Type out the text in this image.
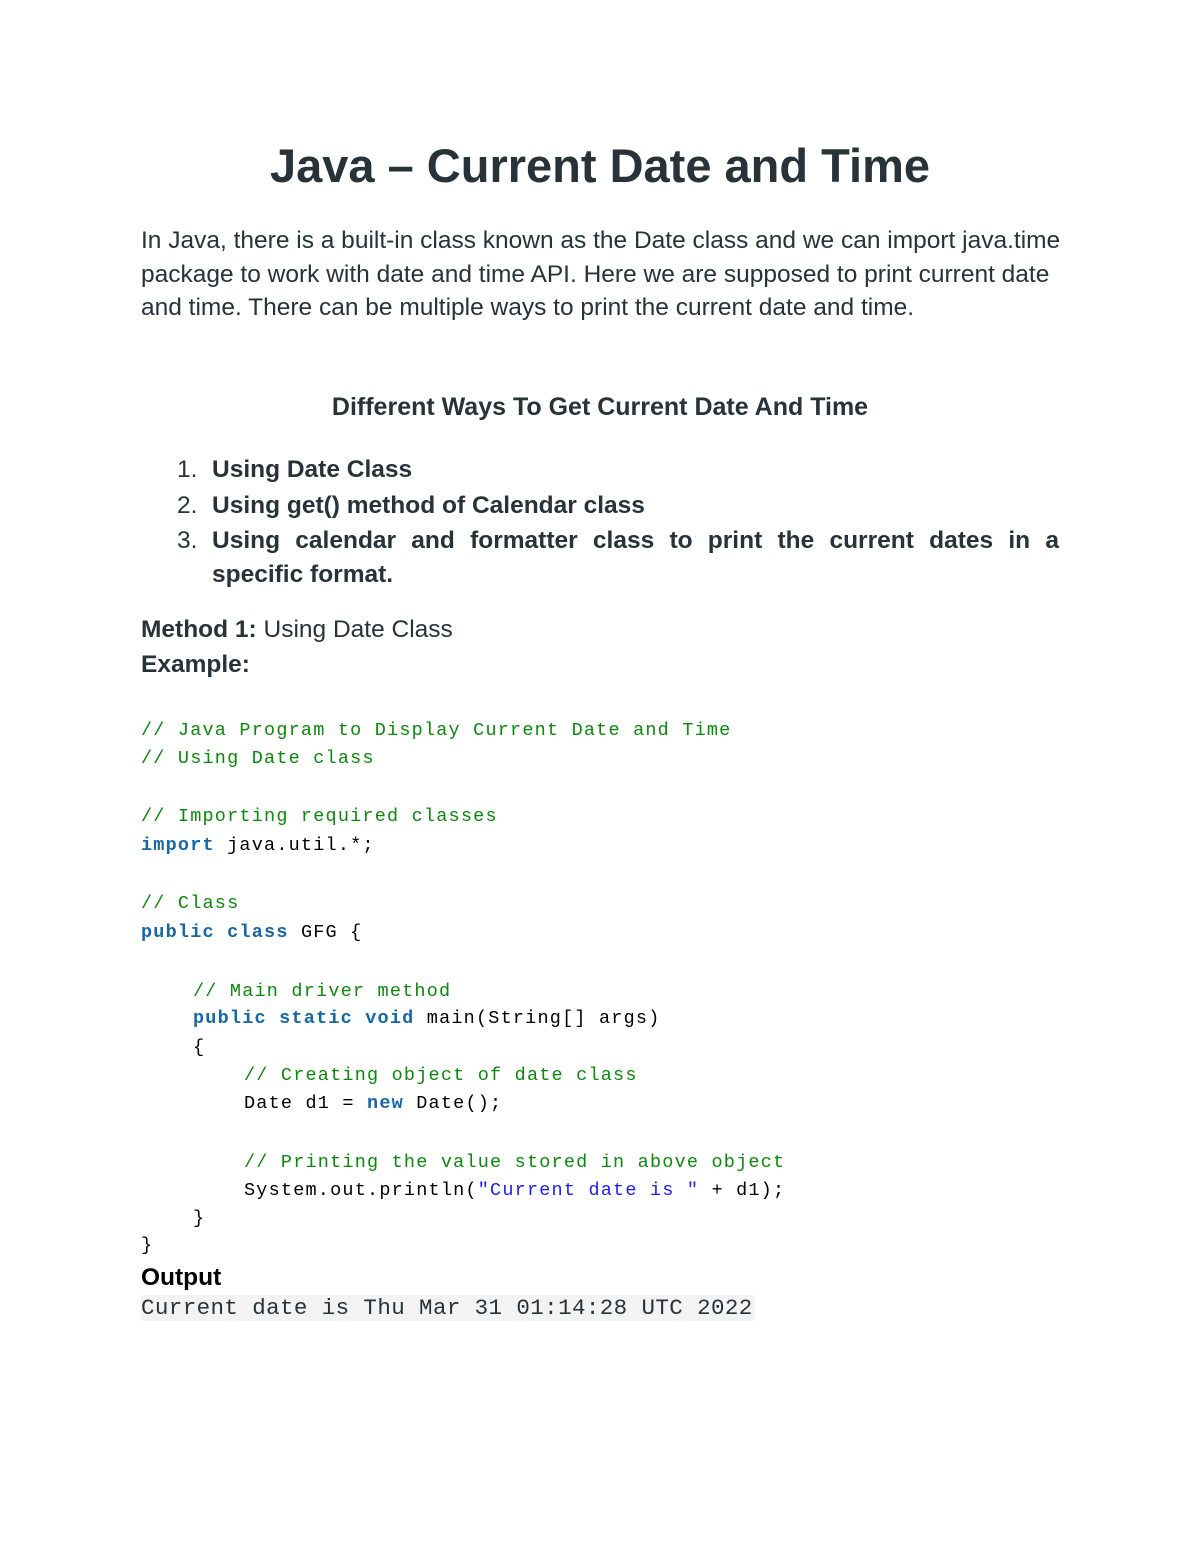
Java – Current Date and Time

In Java, there is a built-in class known as the Date class and we can import java.time package to work with date and time API. Here we are supposed to print current date and time. There can be multiple ways to print the current date and time.

Different Ways To Get Current Date And Time
1. Using Date Class
2. Using get() method of Calendar class
3. Using calendar and formatter class to print the current dates in a specific format.
Method 1: Using Date Class
Example:
// Java Program to Display Current Date and Time
// Using Date class
// Importing required classes
import java.util.*;
// Class
public class GFG {
// Main driver method
public static void main(String[] args)
{
// Creating object of date class
Date d1 = new Date();
// Printing the value stored in above object
System.out.println("Current date is " + d1);
}
}
Output
Current date is Thu Mar 31 01:14:28 UTC 2022
